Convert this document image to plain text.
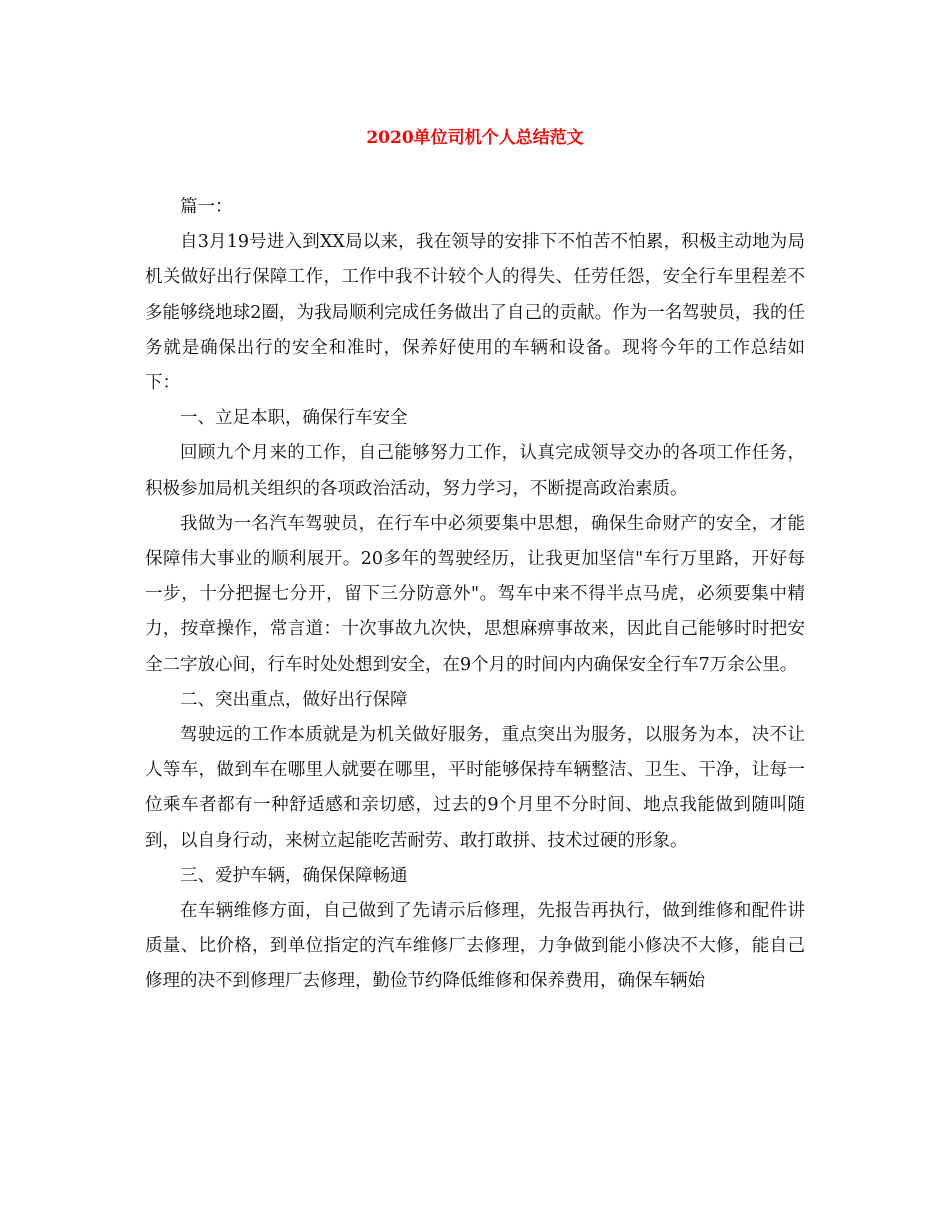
2020单位司机个人总结范文

篇一：

自3月19号进入到XX局以来，我在领导的安排下不怕苦不怕累，积极主动地为局机关做好出行保障工作，工作中我不计较个人的得失、任劳任怨，安全行车里程差不多能够绕地球2圈，为我局顺利完成任务做出了自己的贡献。作为一名驾驶员，我的任务就是确保出行的安全和准时，保养好使用的车辆和设备。现将今年的工作总结如下：

一、立足本职，确保行车安全

回顾九个月来的工作，自己能够努力工作，认真完成领导交办的各项工作任务，积极参加局机关组织的各项政治活动，努力学习，不断提高政治素质。

我做为一名汽车驾驶员，在行车中必须要集中思想，确保生命财产的安全，才能保障伟大事业的顺利展开。20多年的驾驶经历，让我更加坚信"车行万里路，开好每一步，十分把握七分开，留下三分防意外"。驾车中来不得半点马虎，必须要集中精力，按章操作，常言道：十次事故九次快，思想麻痹事故来，因此自己能够时时把安全二字放心间，行车时处处想到安全，在9个月的时间内内确保安全行车7万余公里。

二、突出重点，做好出行保障

驾驶远的工作本质就是为机关做好服务，重点突出为服务，以服务为本，决不让人等车，做到车在哪里人就要在哪里，平时能够保持车辆整洁、卫生、干净，让每一位乘车者都有一种舒适感和亲切感，过去的9个月里不分时间、地点我能做到随叫随到，以自身行动，来树立起能吃苦耐劳、敢打敢拼、技术过硬的形象。

三、爱护车辆，确保保障畅通

在车辆维修方面，自己做到了先请示后修理，先报告再执行，做到维修和配件讲质量、比价格，到单位指定的汽车维修厂去修理，力争做到能小修决不大修，能自己修理的决不到修理厂去修理，勤俭节约降低维修和保养费用，确保车辆始
